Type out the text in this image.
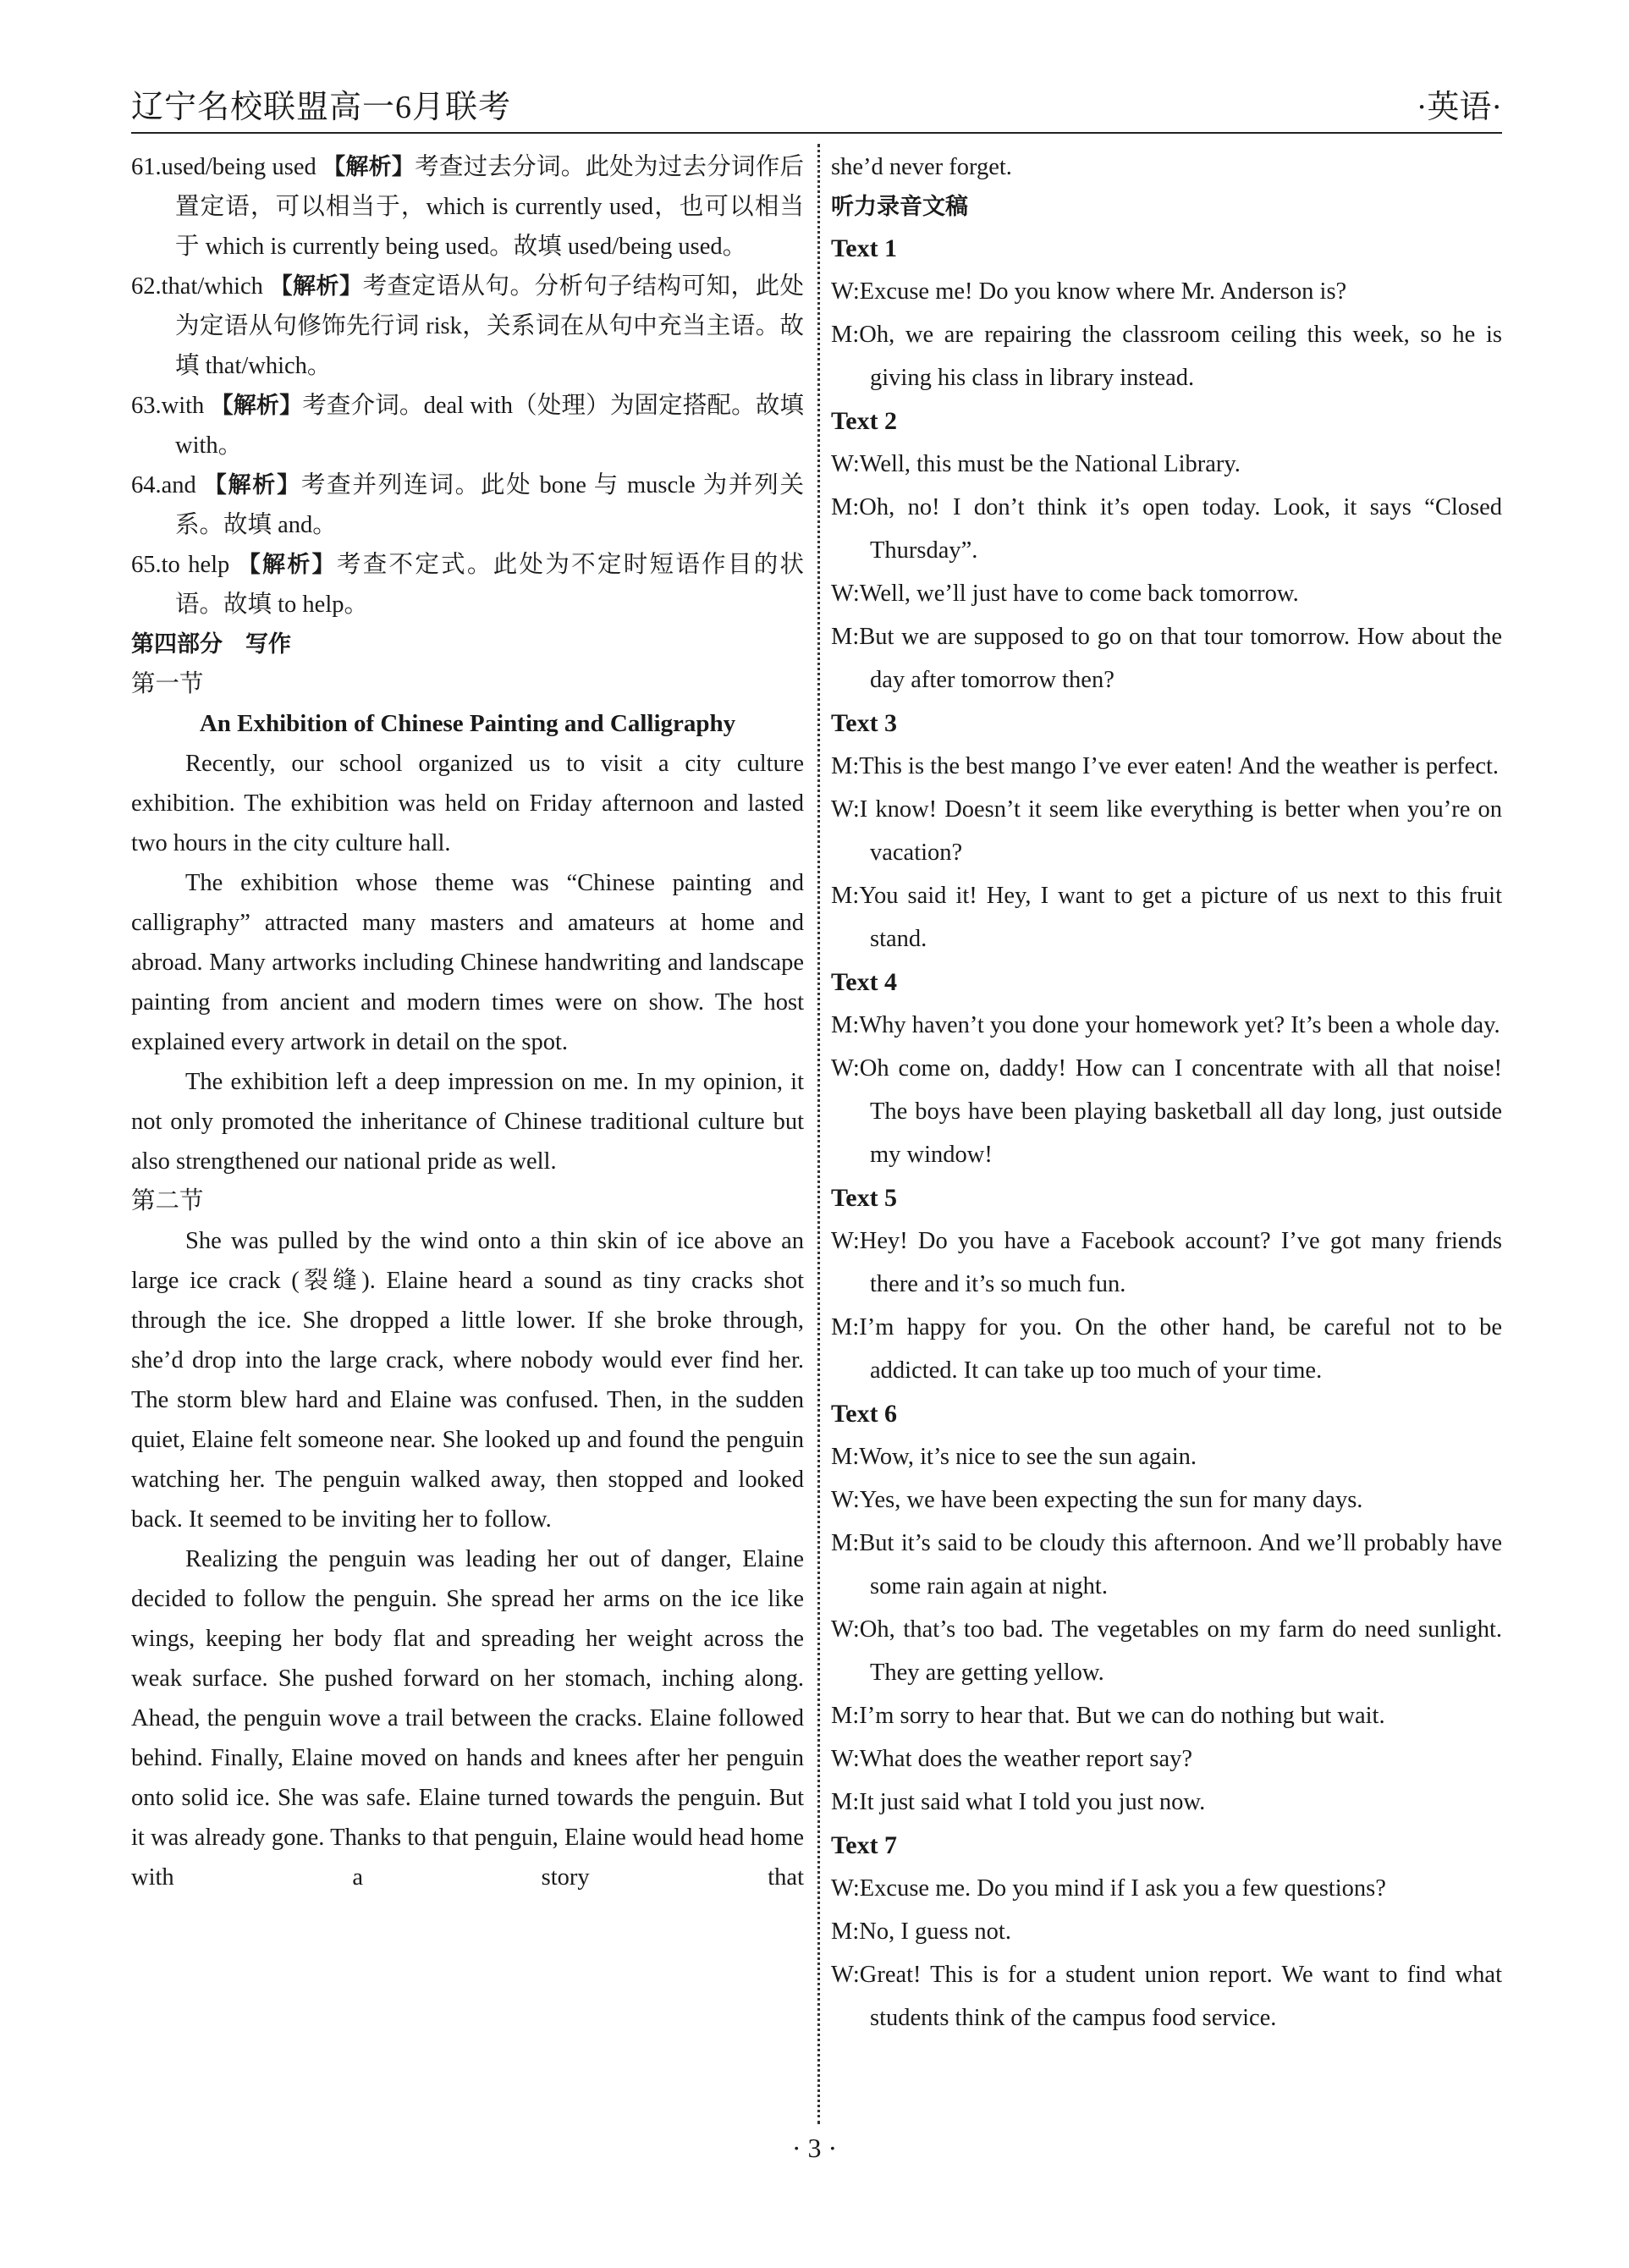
辽宁名校联盟高一6月联考	·英语·

61.used/being used 【解析】考查过去分词。此处为过去分词作后置定语，可以相当于，which is currently used，也可以相当于 which is currently being used。故填 used/being used。

62.that/which 【解析】考查定语从句。分析句子结构可知，此处为定语从句修饰先行词 risk，关系词在从句中充当主语。故填 that/which。

63.with 【解析】考查介词。deal with（处理）为固定搭配。故填 with。

64.and 【解析】考查并列连词。此处 bone 与 muscle 为并列关系。故填 and。

65.to help 【解析】考查不定式。此处为不定时短语作目的状语。故填 to help。

第四部分　写作

第一节

An Exhibition of Chinese Painting and Calligraphy

Recently, our school organized us to visit a city culture exhibition. The exhibition was held on Friday afternoon and lasted two hours in the city culture hall.

The exhibition whose theme was “Chinese painting and calligraphy” attracted many masters and amateurs at home and abroad. Many artworks including Chinese handwriting and landscape painting from ancient and modern times were on show. The host explained every artwork in detail on the spot.

The exhibition left a deep impression on me. In my opinion, it not only promoted the inheritance of Chinese traditional culture but also strengthened our national pride as well.

第二节

She was pulled by the wind onto a thin skin of ice above an large ice crack (裂缝). Elaine heard a sound as tiny cracks shot through the ice. She dropped a little lower. If she broke through, she’d drop into the large crack, where nobody would ever find her. The storm blew hard and Elaine was confused. Then, in the sudden quiet, Elaine felt someone near. She looked up and found the penguin watching her. The penguin walked away, then stopped and looked back. It seemed to be inviting her to follow.

Realizing the penguin was leading her out of danger, Elaine decided to follow the penguin. She spread her arms on the ice like wings, keeping her body flat and spreading her weight across the weak surface. She pushed forward on her stomach, inching along. Ahead, the penguin wove a trail between the cracks. Elaine followed behind. Finally, Elaine moved on hands and knees after her penguin onto solid ice. She was safe. Elaine turned towards the penguin. But it was already gone. Thanks to that penguin, Elaine would head home with a story that

she’d never forget.

听力录音文稿

Text 1

W:Excuse me! Do you know where Mr. Anderson is?

M:Oh, we are repairing the classroom ceiling this week, so he is giving his class in library instead.

Text 2

W:Well, this must be the National Library.

M:Oh, no! I don’t think it’s open today. Look, it says “Closed Thursday”.

W:Well, we’ll just have to come back tomorrow.

M:But we are supposed to go on that tour tomorrow. How about the day after tomorrow then?

Text 3

M:This is the best mango I’ve ever eaten! And the weather is perfect.

W:I know! Doesn’t it seem like everything is better when you’re on vacation?

M:You said it! Hey, I want to get a picture of us next to this fruit stand.

Text 4

M:Why haven’t you done your homework yet? It’s been a whole day.

W:Oh come on, daddy! How can I concentrate with all that noise! The boys have been playing basketball all day long, just outside my window!

Text 5

W:Hey! Do you have a Facebook account? I’ve got many friends there and it’s so much fun.

M:I’m happy for you. On the other hand, be careful not to be addicted. It can take up too much of your time.

Text 6

M:Wow, it’s nice to see the sun again.

W:Yes, we have been expecting the sun for many days.

M:But it’s said to be cloudy this afternoon. And we’ll probably have some rain again at night.

W:Oh, that’s too bad. The vegetables on my farm do need sunlight. They are getting yellow.

M:I’m sorry to hear that. But we can do nothing but wait.

W:What does the weather report say?

M:It just said what I told you just now.

Text 7

W:Excuse me. Do you mind if I ask you a few questions?

M:No, I guess not.

W:Great! This is for a student union report. We want to find what students think of the campus food service.

· 3 ·
